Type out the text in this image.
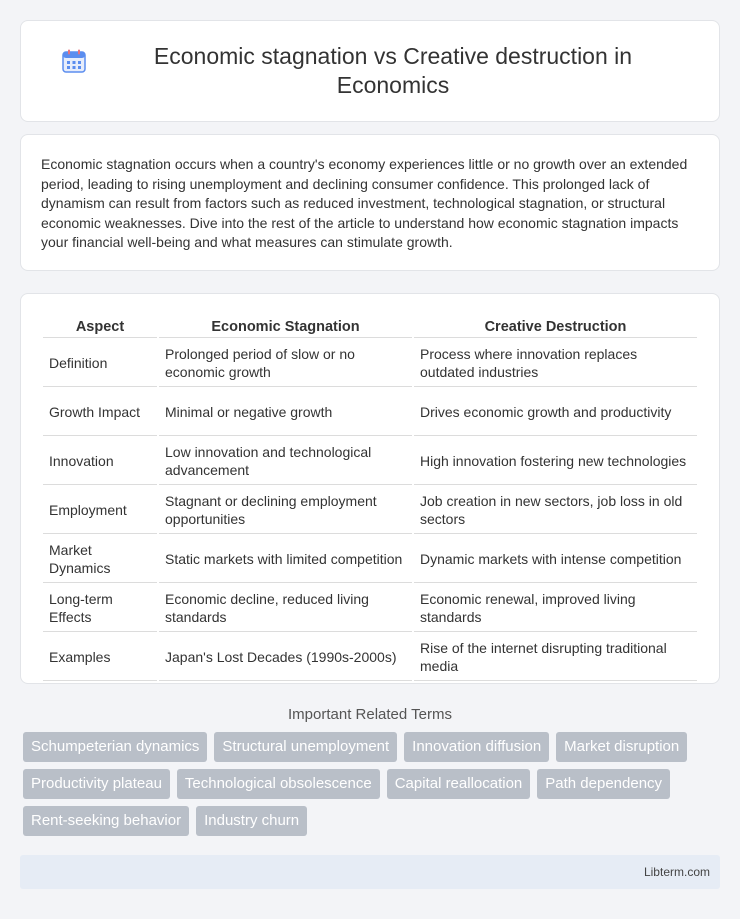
Economic stagnation vs Creative destruction in Economics

Economic stagnation occurs when a country's economy experiences little or no growth over an extended period, leading to rising unemployment and declining consumer confidence. This prolonged lack of dynamism can result from factors such as reduced investment, technological stagnation, or structural economic weaknesses. Dive into the rest of the article to understand how economic stagnation impacts your financial well-being and what measures can stimulate growth.

Aspect	Economic Stagnation	Creative Destruction
Definition	Prolonged period of slow or no economic growth	Process where innovation replaces outdated industries
Growth Impact	Minimal or negative growth	Drives economic growth and productivity
Innovation	Low innovation and technological advancement	High innovation fostering new technologies
Employment	Stagnant or declining employment opportunities	Job creation in new sectors, job loss in old sectors
Market Dynamics	Static markets with limited competition	Dynamic markets with intense competition
Long-term Effects	Economic decline, reduced living standards	Economic renewal, improved living standards
Examples	Japan's Lost Decades (1990s-2000s)	Rise of the internet disrupting traditional media
Important Related Terms
Schumpeterian dynamics	Structural unemployment	Innovation diffusion	Market disruption
Productivity plateau	Technological obsolescence	Capital reallocation	Path dependency
Rent-seeking behavior	Industry churn
Libterm.com
